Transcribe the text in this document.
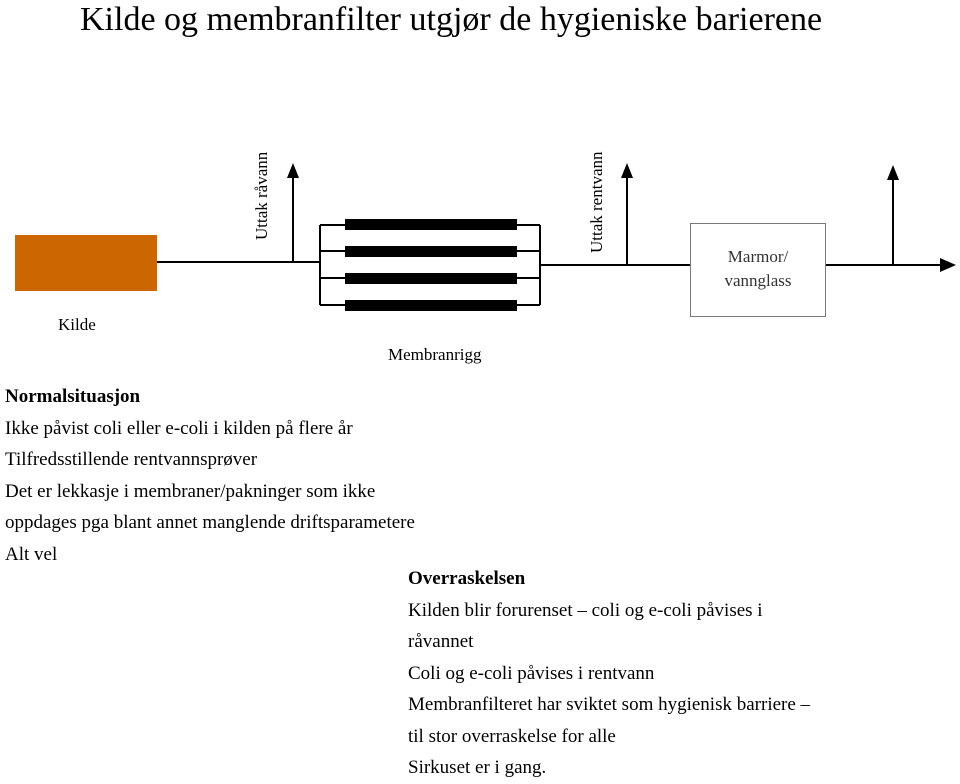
Kilde og membranfilter utgjør de hygieniske barierene
Kilde
Uttak råvann	Uttak rentvann
Membranrigg
Marmor/
vannglass

Normalsituasjon

Ikke påvist coli eller e-coli i kilden på flere år

Tilfredsstillende rentvannsprøver

Det er lekkasje i membraner/pakninger som ikke

oppdages pga blant annet manglende driftsparametere

Alt vel

Overraskelsen

Kilden blir forurenset – coli og e-coli påvises i

råvannet

Coli og e-coli påvises i rentvann

Membranfilteret har sviktet som hygienisk barriere –

til stor overraskelse for alle

Sirkuset er i gang.
